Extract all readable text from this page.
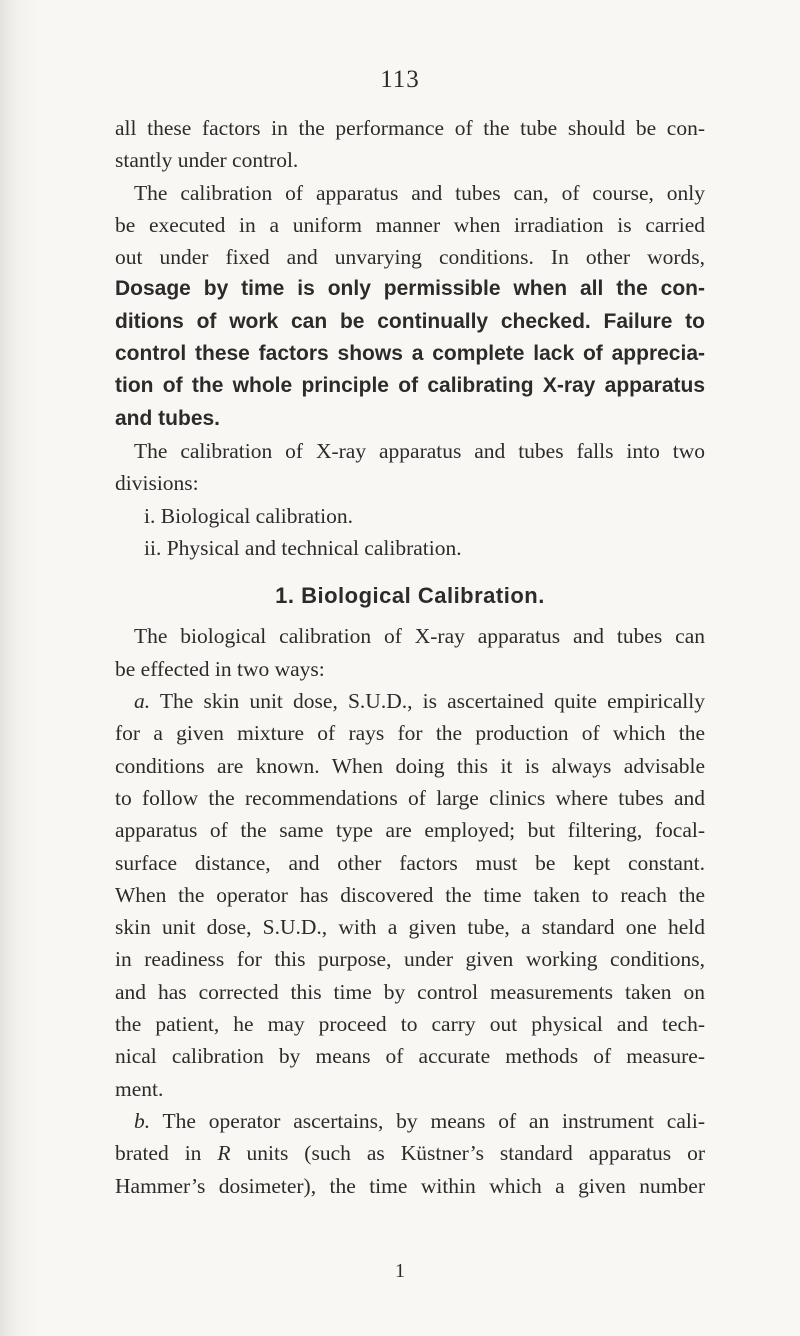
113
all these factors in the performance of the tube should be con-
stantly under control.
The calibration of apparatus and tubes can, of course, only
be executed in a uniform manner when irradiation is carried
out under fixed and unvarying conditions. In other words,
Dosage by time is only permissible when all the con-
ditions of work can be continually checked. Failure to
control these factors shows a complete lack of apprecia-
tion of the whole principle of calibrating X-ray apparatus
and tubes.
The calibration of X-ray apparatus and tubes falls into two
divisions:
i. Biological calibration.
ii. Physical and technical calibration.
1. Biological Calibration.
The biological calibration of X-ray apparatus and tubes can
be effected in two ways:
a. The skin unit dose, S.U.D., is ascertained quite empirically
for a given mixture of rays for the production of which the
conditions are known. When doing this it is always advisable
to follow the recommendations of large clinics where tubes and
apparatus of the same type are employed; but filtering, focal-
surface distance, and other factors must be kept constant.
When the operator has discovered the time taken to reach the
skin unit dose, S.U.D., with a given tube, a standard one held
in readiness for this purpose, under given working conditions,
and has corrected this time by control measurements taken on
the patient, he may proceed to carry out physical and tech-
nical calibration by means of accurate methods of measure-
ment.
b. The operator ascertains, by means of an instrument cali-
brated in R units (such as Küstner’s standard apparatus or
Hammer’s dosimeter), the time within which a given number
1
